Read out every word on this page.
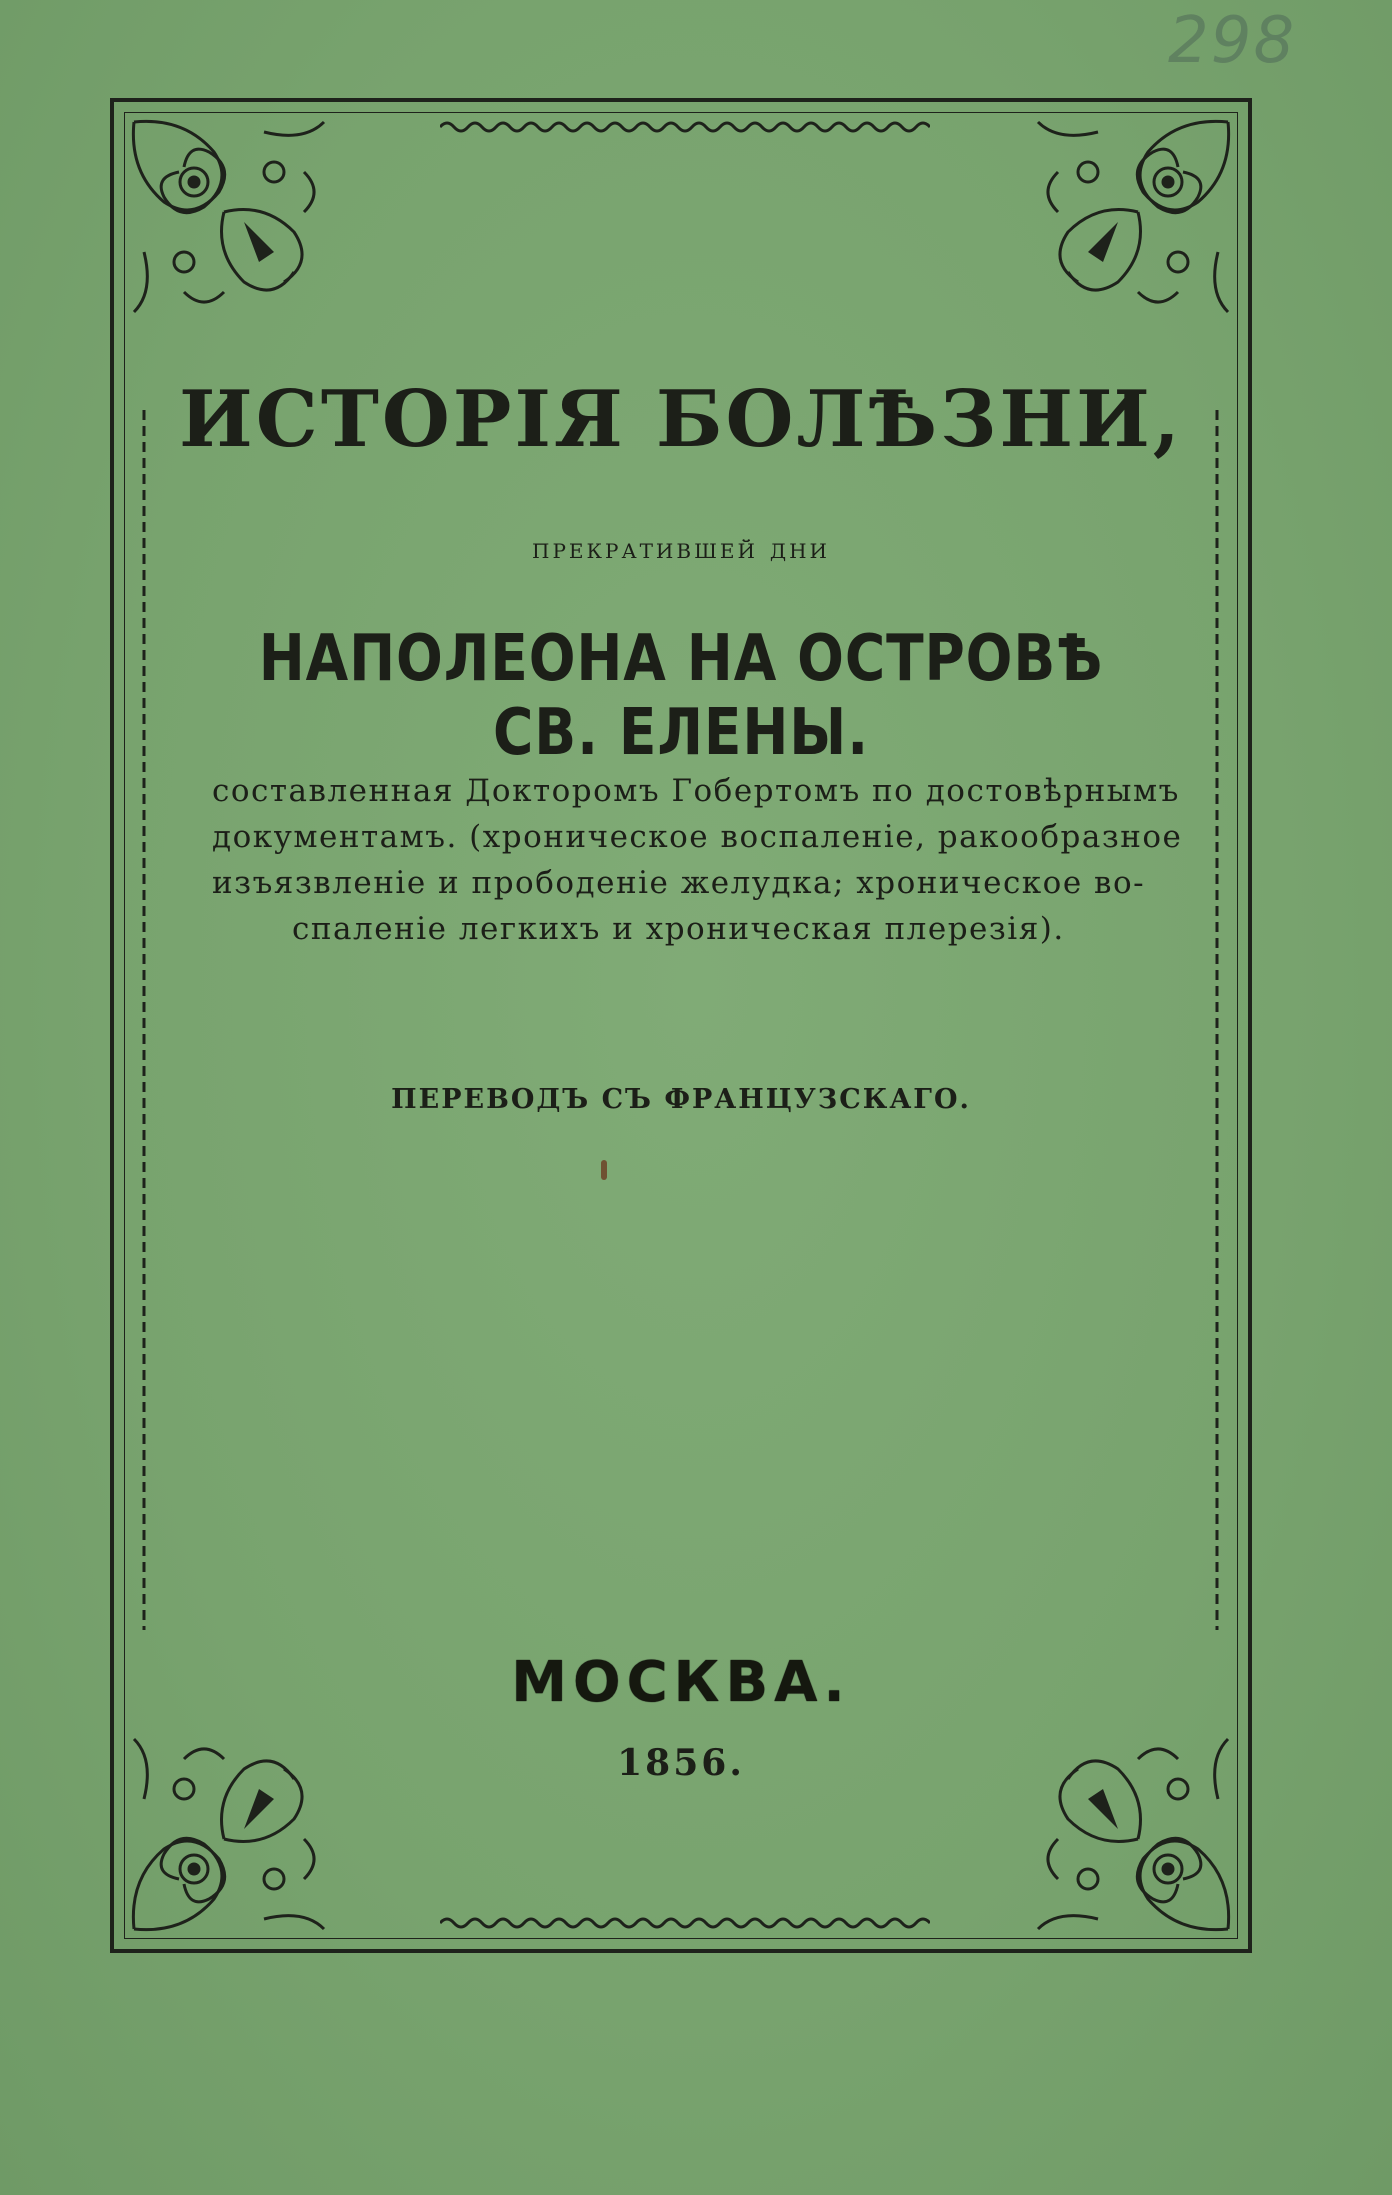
298
ИСТОРІЯ БОЛѢЗНИ,
прекратившей дни
НАПОЛЕОНА НА ОСТРОВѢ СВ. ЕЛЕНЫ.
составленная Докторомъ Гобертомъ по достовѣрнымъ
документамъ. (хроническое воспаленіе, ракообразное
изъязвленіе и прободеніе желудка; хроническое во-
спаленіе легкихъ и хроническая плерезія).
ПЕРЕВОДЪ СЪ ФРАНЦУЗСКАГО.
МОСКВА.
1856.
